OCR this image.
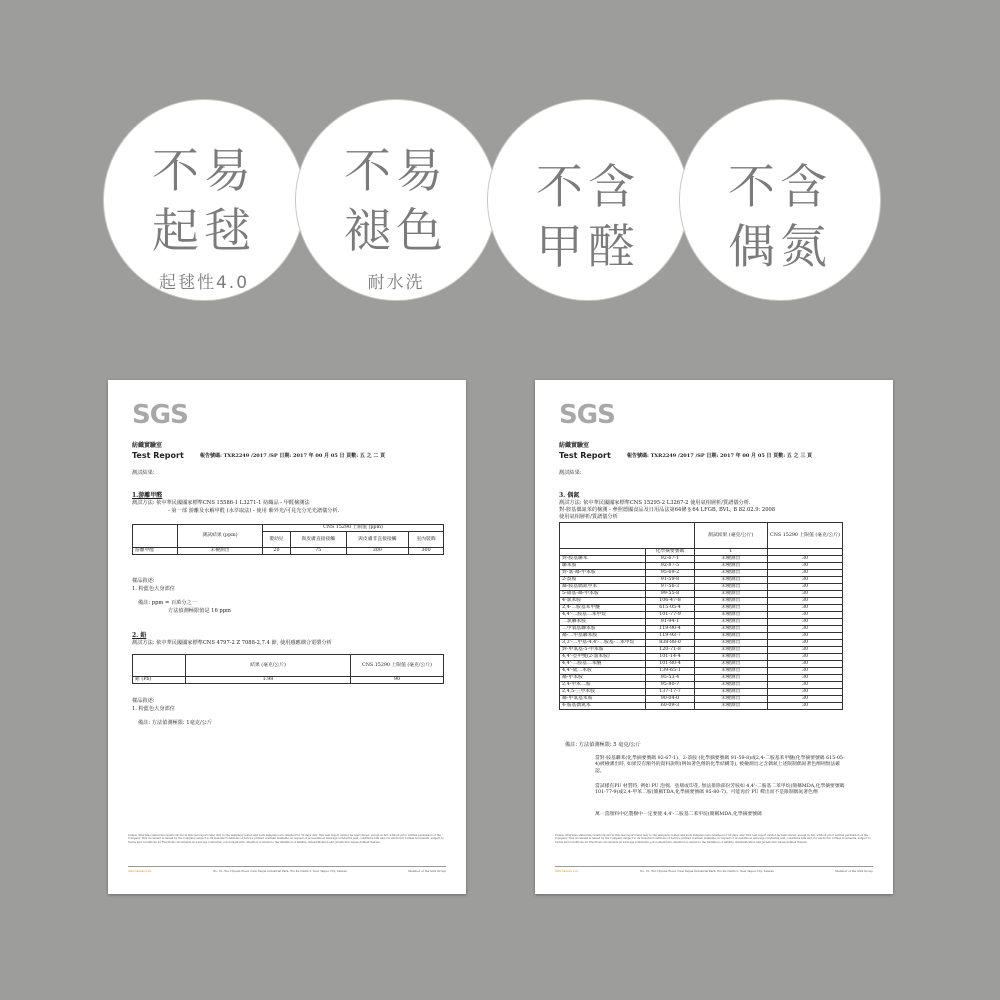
不易
起毬
起毬性4.0
不易
褪色
耐水洗
不含
甲醛
不含
偶氮
SGS
紡織實驗室
Test Report	報告號碼: TXR2249 /2017 /SP 日期: 2017 年 00 月 05 日 頁數: 五 之 二 頁
測試結果:
1.游離甲醛
測試方法: 依中華民國國家標準CNS 15586-1 L3271-1 紡織品 - 甲醛檢測法
- 第一部 游離及水解甲醛 (水萃取法) - 使用 紫外光/可見光分光光譜儀分析.
	測試結果 (ppm)	CNS 15290 上限值 (ppm)			
		嬰幼兒	與皮膚直接接觸	與皮膚非直接接觸	室內裝飾
游離甲醛	未檢測出	20	75	300	300
樣品敘述:
1. 粉藍色大身部位
備註: ppm = 百萬分之一
方法偵測極限值是 16 ppm
2. 鉛
測試方法: 依中華民國國家標準CNS 4797-2 Z 7088-2,7.4 節, 使用感應耦合電漿分析
	結果 (毫克/公斤)	CNS 15290 上限值 (毫克/公斤)
鉛 (Pb)	1.98	90
樣品敘述:
1. 粉藍色大身部位
備註: 方法偵測極限: 1毫克/公斤
Unless otherwise stated the results shown in this test report refer only to the sample(s) tested and such sample(s) are retained for 30 days only. This test report cannot be reproduced, except in full, without prior written permission of the Company. This document is issued by the Company subject to its General Conditions of Service printed overleaf, available on request or accessible at www.sgs.com/terms_and_conditions.htm and, for electronic format documents, subject to Terms and Conditions for Electronic Documents at www.sgs.com/terms_e-document.htm. Attention is drawn to the limitation of liability, indemnification and jurisdiction issues defined therein.
SGS Taiwan Ltd.	No. 31, Wu Chyuan Road, New Taipei Industrial Park, Wu Ku District, New Taipei City, Taiwan	Member of the SGS Group
SGS
紡織實驗室
Test Report	報告號碼: TXR2249 /2017 /SP 日期: 2017 年 00 月 05 日 頁數: 五 之 三 頁
測試結果:
3. 偶氮
測試方法: 依中華民國國家標準CNS 15295-2 L3267-2 使用氣相層析/質譜儀分析.
對-胺基偶氮苯的檢測 - 參照德國食品及日用品法第64條 § 64 LFGB, BVL, B 82.02.9: 2008
使用氣相層析/質譜儀分析
		測試結果 (毫克/公斤)	CNS 15290 上限值 (毫克/公斤)
	化學摘要號碼	1	
對-胺基聯苯	92-67-1	未檢測出	30
聯苯胺	92-87-5	未檢測出	30
對-氯-鄰-甲苯胺	95-69-2	未檢測出	30
2-萘胺	91-59-8	未檢測出	30
鄰-胺基偶氮甲苯	97-56-3	未檢測出	30
5-硝基-鄰-甲苯胺	99-55-8	未檢測出	30
4-氯苯胺	106-47-8	未檢測出	30
2,4-二胺基苯甲醚	615-05-4	未檢測出	30
4,4'-二胺基二苯甲烷	101-77-9	未檢測出	30
二氯聯苯胺	91-94-1	未檢測出	30
二甲氧基聯苯胺	119-90-4	未檢測出	30
鄰-二甲基聯苯胺	119-93-7	未檢測出	30
3,3'-二甲基-4,4'-二胺基-二苯甲烷	838-88-0	未檢測出	30
對-甲氧基-5-甲苯胺	120-71-8	未檢測出	30
4,4'-亞甲雙(2-氯苯胺)	101-14-4	未檢測出	30
4,4'-二胺基二苯醚	101-80-4	未檢測出	30
4,4'-硫二苯胺	139-65-1	未檢測出	30
鄰-甲苯胺	95-53-4	未檢測出	30
2,4-甲苯二胺	95-80-7	未檢測出	30
2,4,5-三甲苯胺	137-17-7	未檢測出	30
鄰-甲氧基苯胺	90-04-0	未檢測出	30
4-胺基偶氮苯	60-09-3	未檢測出	30
備註: 方法偵測極限: 5 毫克/公斤
當對-胺基聯苯(化學摘要號碼 92-67-1)、2-萘胺 (化學摘要號碼 91-59-8)或2,4-二胺基苯甲醚(化學摘要號碼 615-05-4)被檢測出時, 如果沒有額外的資料說明(例如著色劑的化學結構等), 被檢測出之含偶氮上述限制偶氮著色劑則無法確認。
當試樣有PU 材質時, 例如 PU 泡棉、塗層或印花, 無法排除部份芳胺如 4,4'-二胺基二苯甲烷(簡稱MDA,化學摘要號碼 101-77-9)或2,4-甲苯二胺(簡稱TDA,化學摘要號碼 95-80-7)。可能再於 PU 釋出而不是限制偶氮著色劑
萬一當顏料中亿製樹中一定要使 4,4'-二胺基二苯甲烷(簡稱MDA,化學摘要號碼
Unless otherwise stated the results shown in this test report refer only to the sample(s) tested and such sample(s) are retained for 30 days only. This test report cannot be reproduced, except in full, without prior written permission of the Company. This document is issued by the Company subject to its General Conditions of Service printed overleaf, available on request or accessible at www.sgs.com/terms_and_conditions.htm and, for electronic format documents, subject to Terms and Conditions for Electronic Documents at www.sgs.com/terms_e-document.htm. Attention is drawn to the limitation of liability, indemnification and jurisdiction issues defined therein.
SGS Taiwan Ltd.	No. 31, Wu Chyuan Road, New Taipei Industrial Park, Wu Ku District, New Taipei City, Taiwan	Member of the SGS Group
